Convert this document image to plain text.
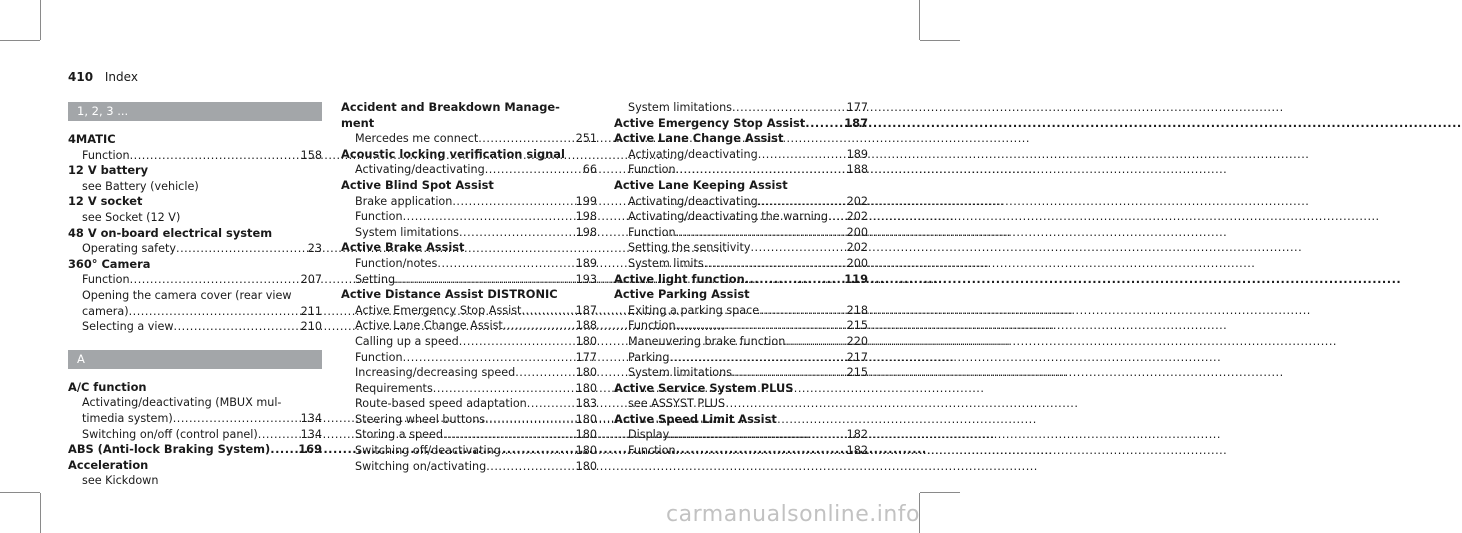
410 Index
1, 2, 3 ...
4MATIC
Function .....	158
12 V battery
see Battery (vehicle)
12 V socket
see Socket (12 V)
48 V on-board electrical system
Operating safety .....	23
360° Camera
Function .....	207
Opening the camera cover (rear view
camera) .....	211
Selecting a view .....	210
A
A/C function
Activating/deactivating (MBUX mul-
timedia system) .....	134
Switching on/off (control panel) .....	134
ABS (Anti-lock Braking System) ..... 169
Acceleration
see Kickdown
Accident and Breakdown Manage-
ment
Mercedes me connect .....	251
Acoustic locking verification signal
Activating/deactivating .....	66
Active Blind Spot Assist
Brake application .....	199
Function .....	198
System limitations .....	198
Active Brake Assist
Function/notes .....	189
Setting .....	193
Active Distance Assist DISTRONIC
Active Emergency Stop Assist .....	187
Active Lane Change Assist .....	188
Calling up a speed .....	180
Function .....	177
Increasing/decreasing speed .....	180
Requirements .....	180
Route-based speed adaptation .....	183
Steering wheel buttons .....	180
Storing a speed .....	180
Switching off/deactivating .....	180
Switching on/activating .....	180
System limitations .....	177
Active Emergency Stop Assist .....	187
Active Lane Change Assist
Activating/deactivating .....	189
Function .....	188
Active Lane Keeping Assist
Activating/deactivating .....	202
Activating/deactivating the warning ..... 202
Function .....	200
Setting the sensitivity .....	202
System limits .....	200
Active light function .....	119
Active Parking Assist
Exiting a parking space .....	218
Function .....	215
Maneuvering brake function .....	220
Parking .....	217
System limitations .....	215
Active Service System PLUS
see ASSYST PLUS
Active Speed Limit Assist
Display .....	182
Function .....	182
carmanualsonline.info
